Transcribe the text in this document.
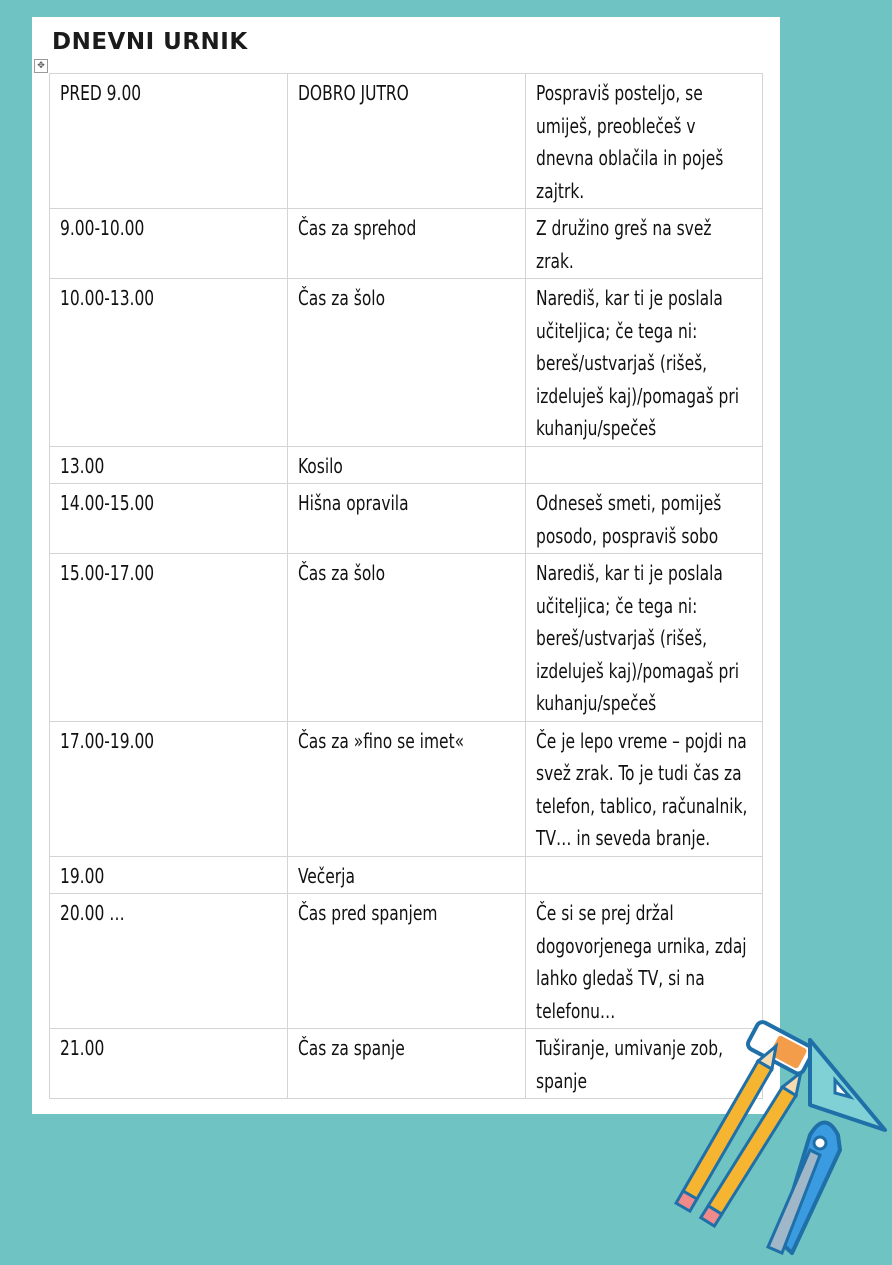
DNEVNI URNIK
✥
PRED 9.00	DOBRO JUTRO	Pospraviš posteljo, se umiješ, preoblečeš v dnevna oblačila in poješ zajtrk.
9.00-10.00	Čas za sprehod	Z družino greš na svež zrak.
10.00-13.00	Čas za šolo	Narediš, kar ti je poslala učiteljica; če tega ni: bereš/ustvarjaš (rišeš, izdeluješ kaj)/pomagaš pri kuhanju/spečeš
13.00	Kosilo	
14.00-15.00	Hišna opravila	Odneseš smeti, pomiješ posodo, pospraviš sobo
15.00-17.00	Čas za šolo	Narediš, kar ti je poslala učiteljica; če tega ni: bereš/ustvarjaš (rišeš, izdeluješ kaj)/pomagaš pri kuhanju/spečeš
17.00-19.00	Čas za »fino se imet«	Če je lepo vreme – pojdi na svež zrak. To je tudi čas za telefon, tablico, računalnik, TV… in seveda branje.
19.00	Večerja	
20.00 …	Čas pred spanjem	Če si se prej držal dogovorjenega urnika, zdaj lahko gledaš TV, si na telefonu…
21.00	Čas za spanje	Tuširanje, umivanje zob, spanje
